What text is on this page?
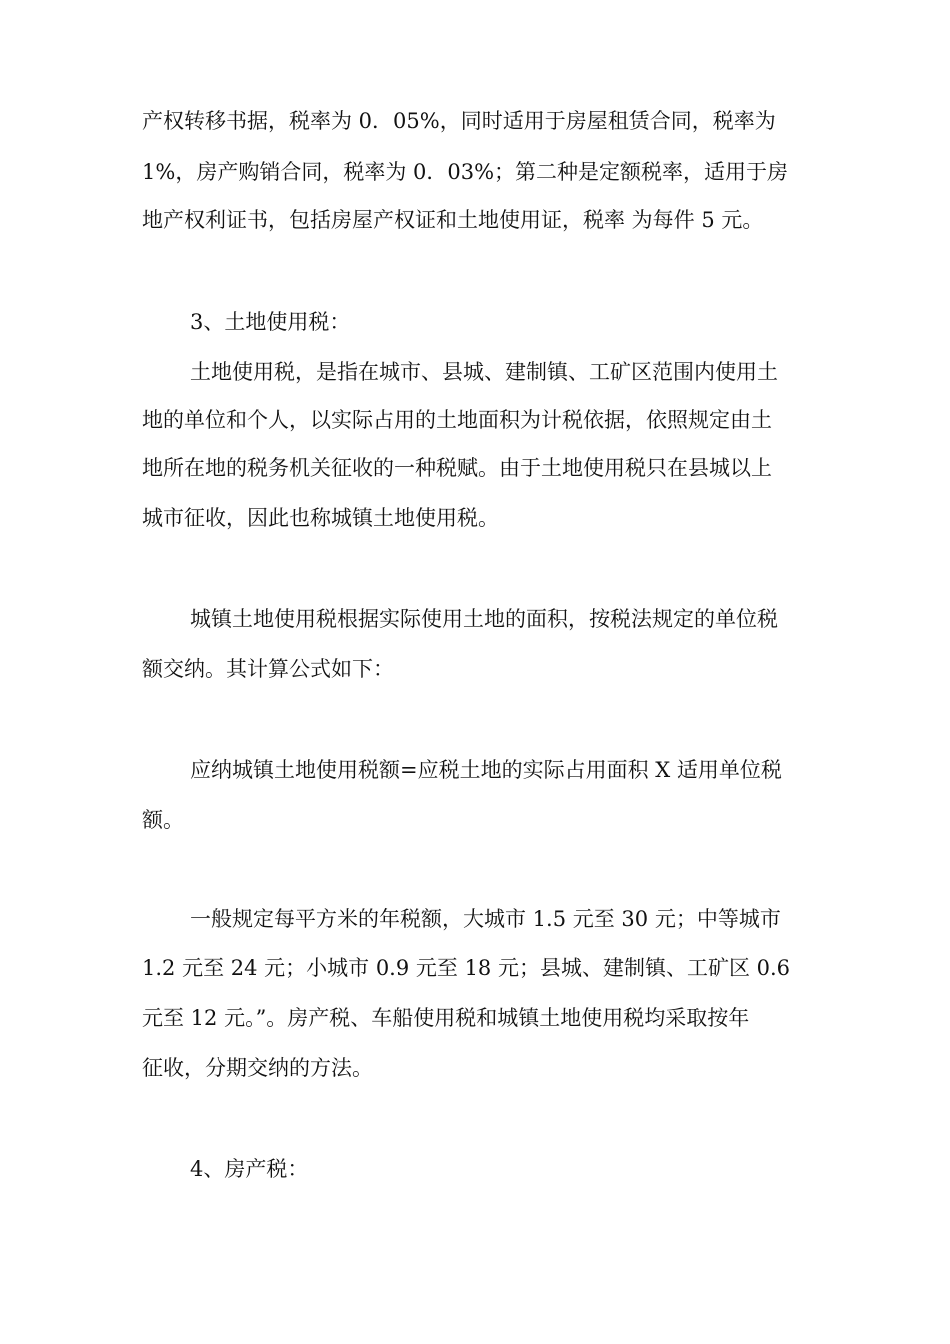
产权转移书据，税率为 0．05%，同时适用于房屋租赁合同，税率为
1%，房产购销合同，税率为 0．03%；第二种是定额税率，适用于房
地产权利证书，包括房屋产权证和土地使用证，税率 为每件 5 元。
3、土地使用税：
土地使用税，是指在城市、县城、建制镇、工矿区范围内使用土
地的单位和个人，以实际占用的土地面积为计税依据，依照规定由土
地所在地的税务机关征收的一种税赋。由于土地使用税只在县城以上
城市征收，因此也称城镇土地使用税。
城镇土地使用税根据实际使用土地的面积，按税法规定的单位税
额交纳。其计算公式如下：
应纳城镇土地使用税额=应税土地的实际占用面积 X 适用单位税
额。
一般规定每平方米的年税额，大城市 1.5 元至 30 元；中等城市
1.2 元至 24 元；小城市 0.9 元至 18 元；县城、建制镇、工矿区 0.6
元至 12 元。”。房产税、车船使用税和城镇土地使用税均采取按年
征收，分期交纳的方法。
4、房产税：
